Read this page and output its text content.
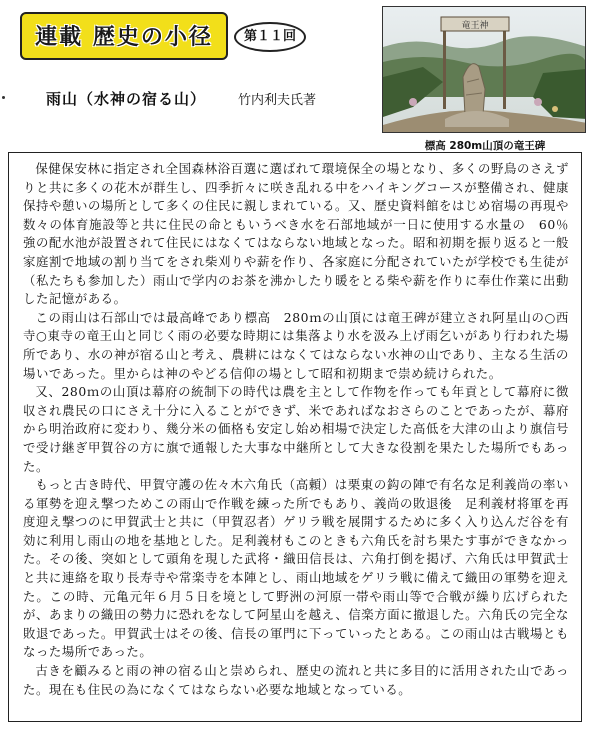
連載 歴史の小径	第１１回
雨山（水神の宿る山） 竹内利夫氏著
竜王神
標高 280m山頂の竜王碑

保健保安林に指定され全国森林浴百選に選ばれて環境保全の場となり、多くの野鳥のさえずりと共に多くの花木が群生し、四季折々に咲き乱れる中をハイキングコースが整備され、健康保持や憩いの場所として多くの住民に親しまれている。又、歴史資料館をはじめ宿場の再現や数々の体育施設等と共に住民の命ともいうべき水を石部地域が一日に使用する水量の　60％強の配水池が設置されて住民にはなくてはならない地域となった。昭和初期を振り返ると一般家庭割で地域の割り当てをされ柴刈りや薪を作り、各家庭に分配されていたが学校でも生徒が（私たちも参加した）雨山で学内のお茶を沸かしたり暖をとる柴や薪を作りに奉仕作業に出動した記憶がある。

この雨山は石部山では最高峰であり標高　280ｍの山頂には竜王碑が建立され阿星山の○西寺○東寺の竜王山と同じく雨の必要な時期には集落より水を汲み上げ雨乞いがあり行われた場所であり、水の神が宿る山と考え、農耕にはなくてはならない水神の山であり、主なる生活の場いであった。里からは神のやどる信仰の場として昭和初期まで崇め続けられた。

又、280ｍの山頂は幕府の統制下の時代は農を主として作物を作っても年貢として幕府に徴収され農民の口にさえ十分に入ることができず、米であればなおさらのことであったが、幕府から明治政府に変わり、幾分米の価格も安定し始め相場で決定した高低を大津の山より旗信号で受け継ぎ甲賀谷の方に旗で通報した大事な中継所として大きな役割を果たした場所でもあった。

もっと古き時代、甲賀守護の佐々木六角氏（高頼）は栗東の鈎の陣で有名な足利義尚の率いる軍勢を迎え撃つためこの雨山で作戦を練った所でもあり、義尚の敗退後　足利義材将軍を再度迎え撃つのに甲賀武士と共に（甲賀忍者）ゲリラ戦を展開するために多く入り込んだ谷を有効に利用し雨山の地を基地とした。足利義材もこのときも六角氏を討ち果たす事ができなかった。その後、突如として頭角を現した武将・織田信長は、六角打倒を掲げ、六角氏は甲賀武士と共に連絡を取り長寿寺や常楽寺を本陣とし、雨山地域をゲリラ戦に備えて織田の軍勢を迎えた。この時、元亀元年６月５日を境として野洲の河原一帯や雨山等で合戦が繰り広げられたが、あまりの織田の勢力に恐れをなして阿星山を越え、信楽方面に撤退した。六角氏の完全な敗退であった。甲賀武士はその後、信長の軍門に下っていったとある。この雨山は古戦場ともなった場所であった。

古きを顧みると雨の神の宿る山と崇められ、歴史の流れと共に多目的に活用された山であった。現在も住民の為になくてはならない必要な地域となっている。
